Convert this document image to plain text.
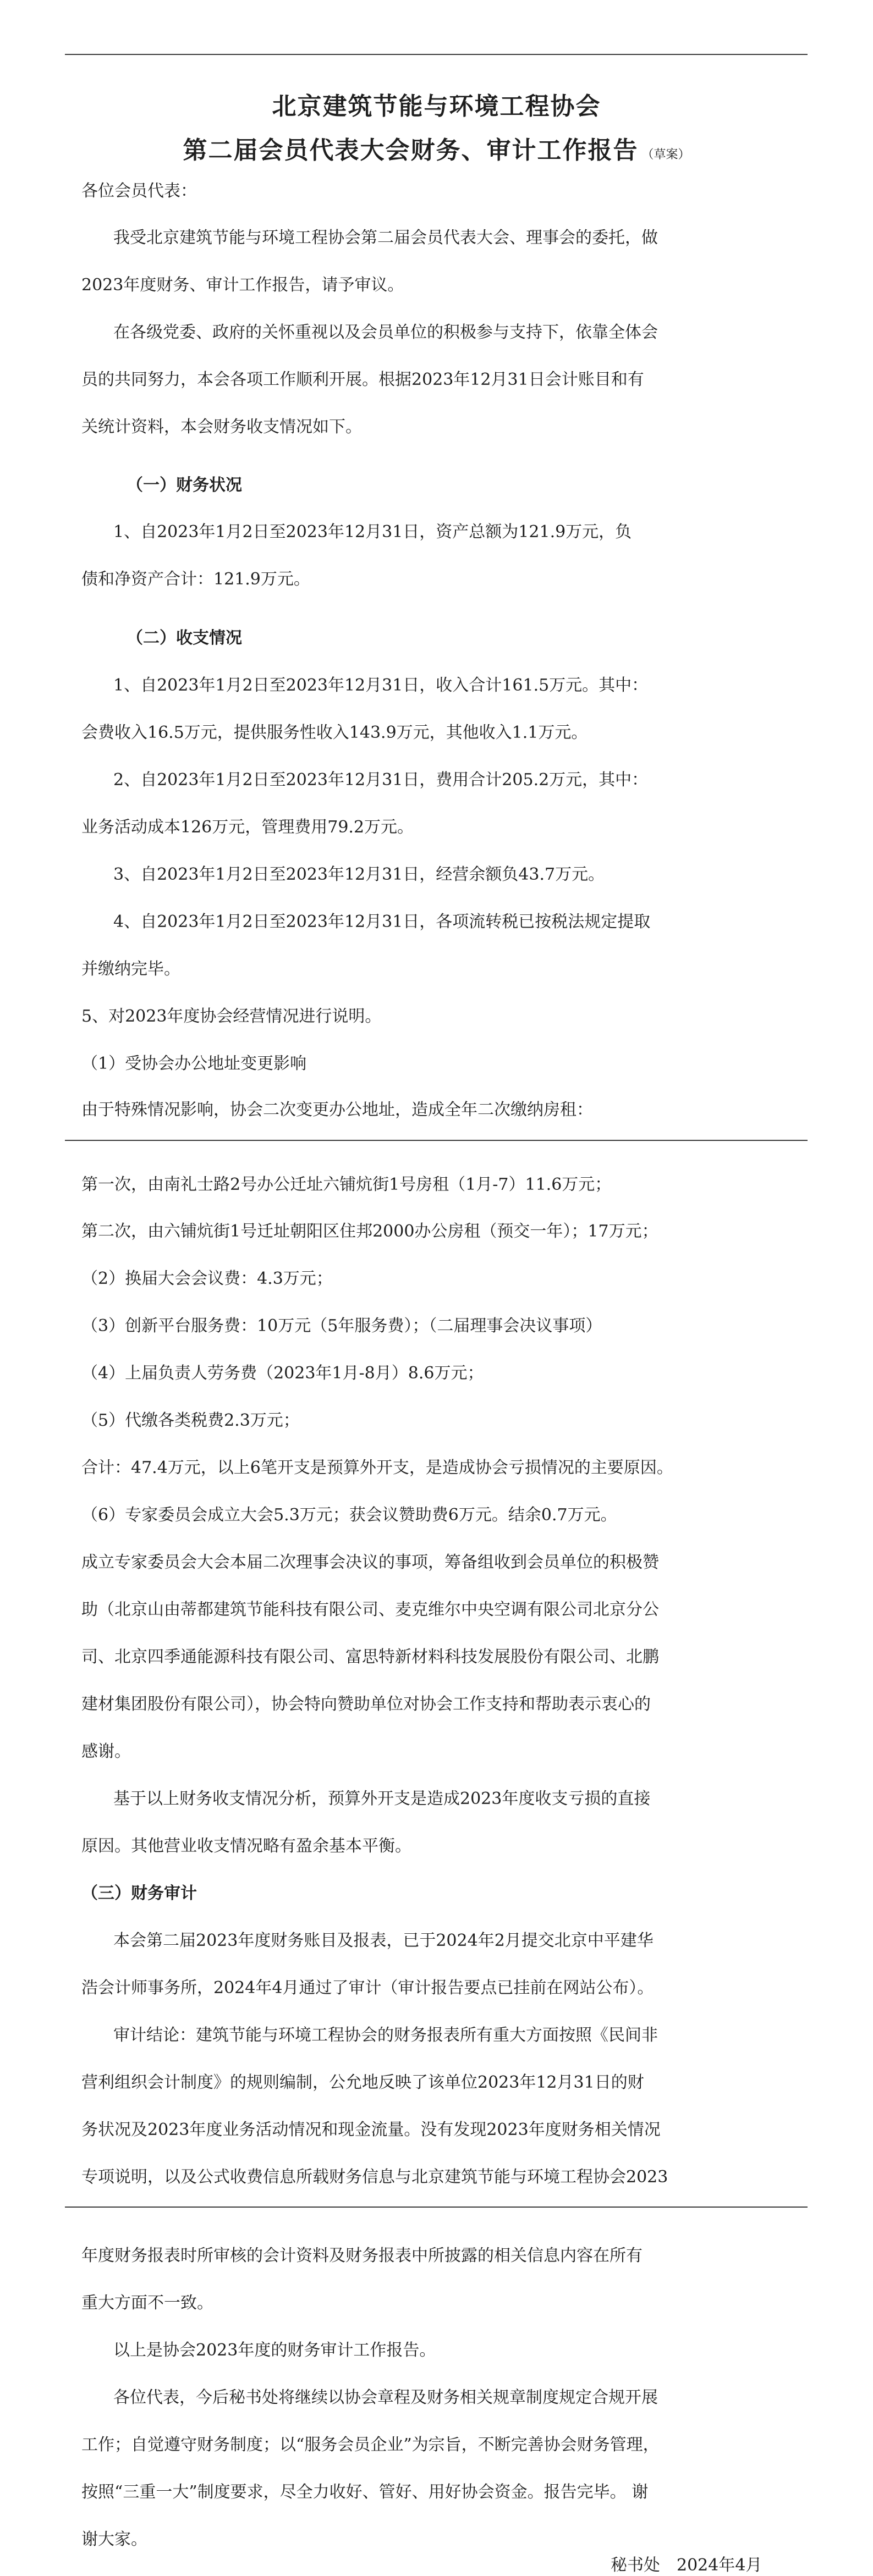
北京建筑节能与环境工程协会
第二届会员代表大会财务、审计工作报告 （草案）
各位会员代表：
我受北京建筑节能与环境工程协会第二届会员代表大会、理事会的委托，做
2023年度财务、审计工作报告，请予审议。
在各级党委、政府的关怀重视以及会员单位的积极参与支持下，依靠全体会
员的共同努力，本会各项工作顺利开展。根据2023年12月31日会计账目和有
关统计资料，本会财务收支情况如下。
（一）财务状况
1、自2023年1月2日至2023年12月31日，资产总额为121.9万元，负
债和净资产合计：121.9万元。
（二）收支情况
1、自2023年1月2日至2023年12月31日，收入合计161.5万元。其中：
会费收入16.5万元，提供服务性收入143.9万元，其他收入1.1万元。
2、自2023年1月2日至2023年12月31日，费用合计205.2万元，其中：
业务活动成本126万元，管理费用79.2万元。
3、自2023年1月2日至2023年12月31日，经营余额负43.7万元。
4、自2023年1月2日至2023年12月31日，各项流转税已按税法规定提取
并缴纳完毕。
5、对2023年度协会经营情况进行说明。
（1）受协会办公地址变更影响
由于特殊情况影响，协会二次变更办公地址，造成全年二次缴纳房租：
第一次，由南礼士路2号办公迁址六铺炕街1号房租（1月-7）11.6万元；
第二次，由六铺炕街1号迁址朝阳区住邦2000办公房租（预交一年）；17万元；
（2）换届大会会议费：4.3万元；
（3）创新平台服务费：10万元（5年服务费）；（二届理事会决议事项）
（4）上届负责人劳务费（2023年1月-8月）8.6万元；
（5）代缴各类税费2.3万元；
合计：47.4万元，以上6笔开支是预算外开支，是造成协会亏损情况的主要原因。
（6）专家委员会成立大会5.3万元；获会议赞助费6万元。结余0.7万元。
成立专家委员会大会本届二次理事会决议的事项，筹备组收到会员单位的积极赞
助（北京山由蒂都建筑节能科技有限公司、麦克维尔中央空调有限公司北京分公
司、北京四季通能源科技有限公司、富思特新材料科技发展股份有限公司、北鹏
建材集团股份有限公司），协会特向赞助单位对协会工作支持和帮助表示衷心的
感谢。
基于以上财务收支情况分析，预算外开支是造成2023年度收支亏损的直接
原因。其他营业收支情况略有盈余基本平衡。
（三）财务审计
本会第二届2023年度财务账目及报表，已于2024年2月提交北京中平建华
浩会计师事务所，2024年4月通过了审计（审计报告要点已挂前在网站公布）。
审计结论：建筑节能与环境工程协会的财务报表所有重大方面按照《民间非
营利组织会计制度》的规则编制，公允地反映了该单位2023年12月31日的财
务状况及2023年度业务活动情况和现金流量。没有发现2023年度财务相关情况
专项说明，以及公式收费信息所载财务信息与北京建筑节能与环境工程协会2023
年度财务报表时所审核的会计资料及财务报表中所披露的相关信息内容在所有
重大方面不一致。
以上是协会2023年度的财务审计工作报告。
各位代表，今后秘书处将继续以协会章程及财务相关规章制度规定合规开展
工作；自觉遵守财务制度；以“服务会员企业”为宗旨，不断完善协会财务管理，
按照“三重一大”制度要求，尽全力收好、管好、用好协会资金。报告完毕。 谢
谢大家。
秘书处　2024年4月
